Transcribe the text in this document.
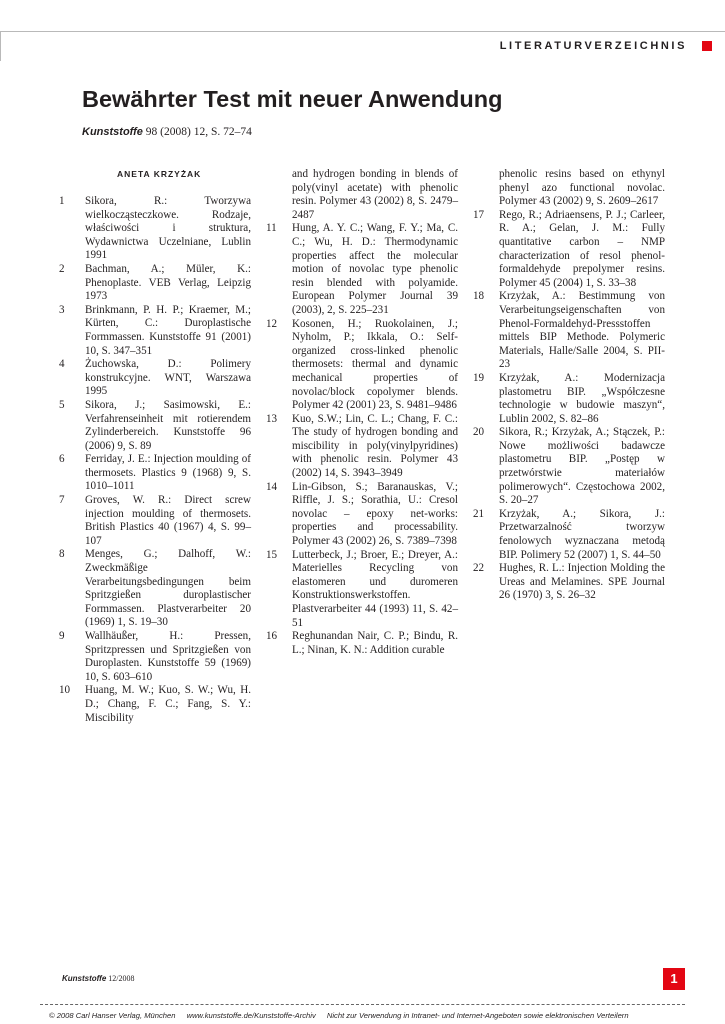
LITERATURVERZEICHNIS
Bewährter Test mit neuer Anwendung
Kunststoffe 98 (2008) 12, S. 72–74
ANETA KRZYŻAK
1	Sikora, R.: Tworzywa wielkocząsteczkowe. Rodzaje, właściwości i struktura, Wydawnictwa Uczelniane, Lublin 1991
2	Bachman, A.; Müler, K.: Phenoplaste. VEB Verlag, Leipzig 1973
3	Brinkmann, P. H. P.; Kraemer, M.; Kürten, C.: Duroplastische Formmassen. Kunststoffe 91 (2001) 10, S. 347–351
4	Żuchowska, D.: Polimery konstrukcyjne. WNT, Warszawa 1995
5	Sikora, J.; Sasimowski, E.: Verfahrenseinheit mit rotierendem Zylinderbereich. Kunststoffe 96 (2006) 9, S. 89
6	Ferriday, J. E.: Injection moulding of thermosets. Plastics 9 (1968) 9, S. 1010–1011
7	Groves, W. R.: Direct screw injection moulding of thermosets. British Plastics 40 (1967) 4, S. 99–107
8	Menges, G.; Dalhoff, W.: Zweckmäßige Verarbeitungsbedingungen beim Spritzgießen duroplastischer Formmassen. Plastverarbeiter 20 (1969) 1, S. 19–30
9	Wallhäußer, H.: Pressen, Spritzpressen und Spritzgießen von Duroplasten. Kunststoffe 59 (1969) 10, S. 603–610
10	Huang, M. W.; Kuo, S. W.; Wu, H. D.; Chang, F. C.; Fang, S. Y.: Miscibility
and hydrogen bonding in blends of poly(vinyl acetate) with phenolic resin. Polymer 43 (2002) 8, S. 2479–2487
11	Hung, A. Y. C.; Wang, F. Y.; Ma, C. C.; Wu, H. D.: Thermodynamic properties affect the molecular motion of novolac type phenolic resin blended with polyamide. European Polymer Journal 39 (2003), 2, S. 225–231
12	Kosonen, H.; Ruokolainen, J.; Nyholm, P.; Ikkala, O.: Self-organized cross-linked phenolic thermosets: thermal and dynamic mechanical properties of novolac/block copolymer blends. Polymer 42 (2001) 23, S. 9481–9486
13	Kuo, S.W.; Lin, C. L.; Chang, F. C.: The study of hydrogen bonding and miscibility in poly(vinylpyridines) with phenolic resin. Polymer 43 (2002) 14, S. 3943–3949
14	Lin-Gibson, S.; Baranauskas, V.; Riffle, J. S.; Sorathia, U.: Cresol novolac – epoxy net-works: properties and processability. Polymer 43 (2002) 26, S. 7389–7398
15	Lutterbeck, J.; Broer, E.; Dreyer, A.: Materielles Recycling von elastomeren und duromeren Konstruktionswerkstoffen. Plastverarbeiter 44 (1993) 11, S. 42–51
16	Reghunandan Nair, C. P.; Bindu, R. L.; Ninan, K. N.: Addition curable
phenolic resins based on ethynyl phenyl azo functional novolac. Polymer 43 (2002) 9, S. 2609–2617
17	Rego, R.; Adriaensens, P. J.; Carleer, R. A.; Gelan, J. M.: Fully quantitative carbon – NMP characterization of resol phenol-formaldehyde prepolymer resins. Polymer 45 (2004) 1, S. 33–38
18	Krzyżak, A.: Bestimmung von Verarbeitungseigenschaften von Phenol-Formaldehyd-Pressstoffen mittels BIP Methode. Polymeric Materials, Halle/Salle 2004, S. PII-23
19	Krzyżak, A.: Modernizacja plastometru BIP. „Współczesne technologie w budowie maszyn“, Lublin 2002, S. 82–86
20	Sikora, R.; Krzyżak, A.; Stączek, P.: Nowe możliwości badawcze plastometru BIP. „Postęp w przetwórstwie materiałów polimerowych“. Częstochowa 2002, S. 20–27
21	Krzyżak, A.; Sikora, J.: Przetwarzalność tworzyw fenolowych wyznaczana metodą BIP. Polimery 52 (2007) 1, S. 44–50
22	Hughes, R. L.: Injection Molding the Ureas and Melamines. SPE Journal 26 (1970) 3, S. 26–32
Kunststoffe 12/2008	1
© 2008 Carl Hanser Verlag, München www.kunststoffe.de/Kunststoffe-Archiv Nicht zur Verwendung in Intranet- und Internet-Angeboten sowie elektronischen Verteilern
